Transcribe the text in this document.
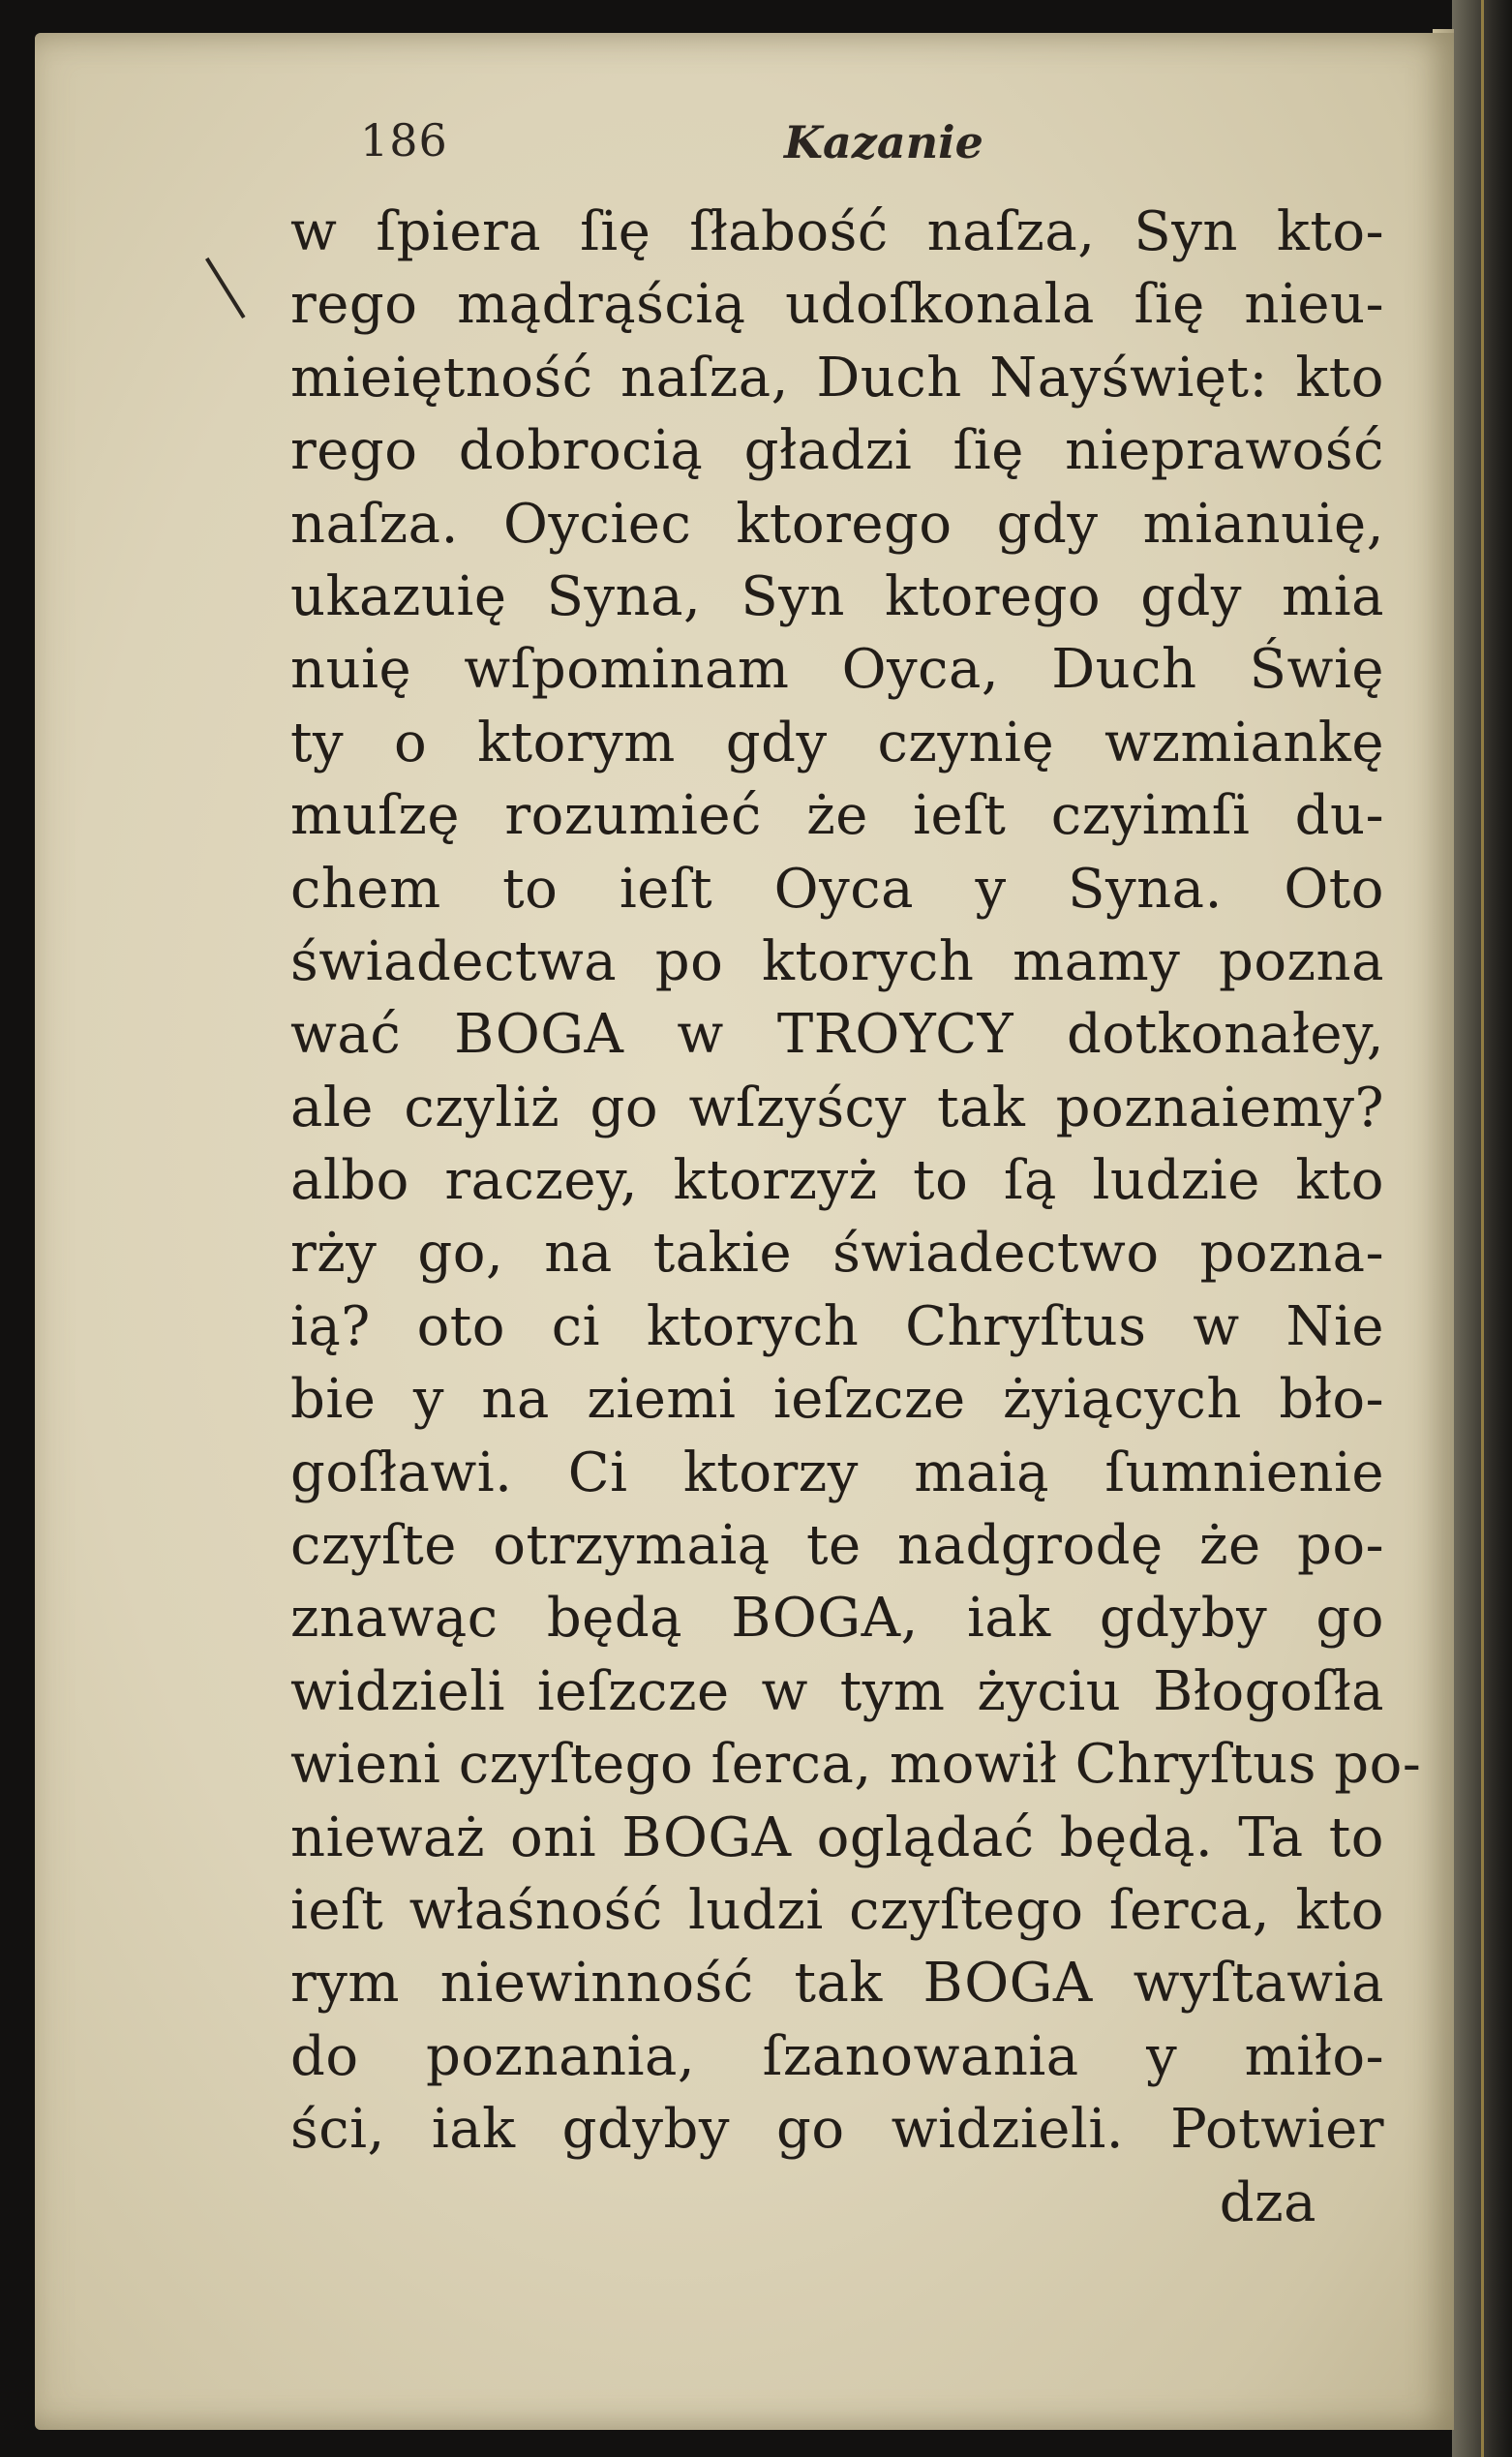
186	Kazanie
w ſpiera ſię ſłabość naſza, Syn kto-
rego mądrąścią udoſkonala ſię nieu-
mieiętność naſza, Duch Nayświęt: kto
rego dobrocią gładzi ſię nieprawość
naſza. Oyciec ktorego gdy mianuię,
ukazuię Syna, Syn ktorego gdy mia
nuię wſpominam Oyca, Duch Świę
ty o ktorym gdy czynię wzmiankę
muſzę rozumieć że ieſt czyimſi du-
chem to ieſt Oyca y Syna. Oto
świadectwa po ktorych mamy pozna
wać BOGA w TROYCY dotkonałey,
ale czyliż go wſzyścy tak poznaiemy?
albo raczey, ktorzyż to ſą ludzie kto
rży go, na takie świadectwo pozna-
ią? oto ci ktorych Chryſtus w Nie
bie y na ziemi ieſzcze żyiących bło-
goſławi. Ci ktorzy maią ſumnienie
czyſte otrzymaią te nadgrodę że po-
znawąc będą BOGA, iak gdyby go
widzieli ieſzcze w tym życiu Błogoſła
wieni czyſtego ſerca, mowił Chryſtus po-
nieważ oni BOGA oglądać będą. Ta to
ieſt właśność ludzi czyſtego ſerca, kto
rym niewinność tak BOGA wyſtawia
do poznania, ſzanowania y miło-
ści, iak gdyby go widzieli. Potwier
dza
